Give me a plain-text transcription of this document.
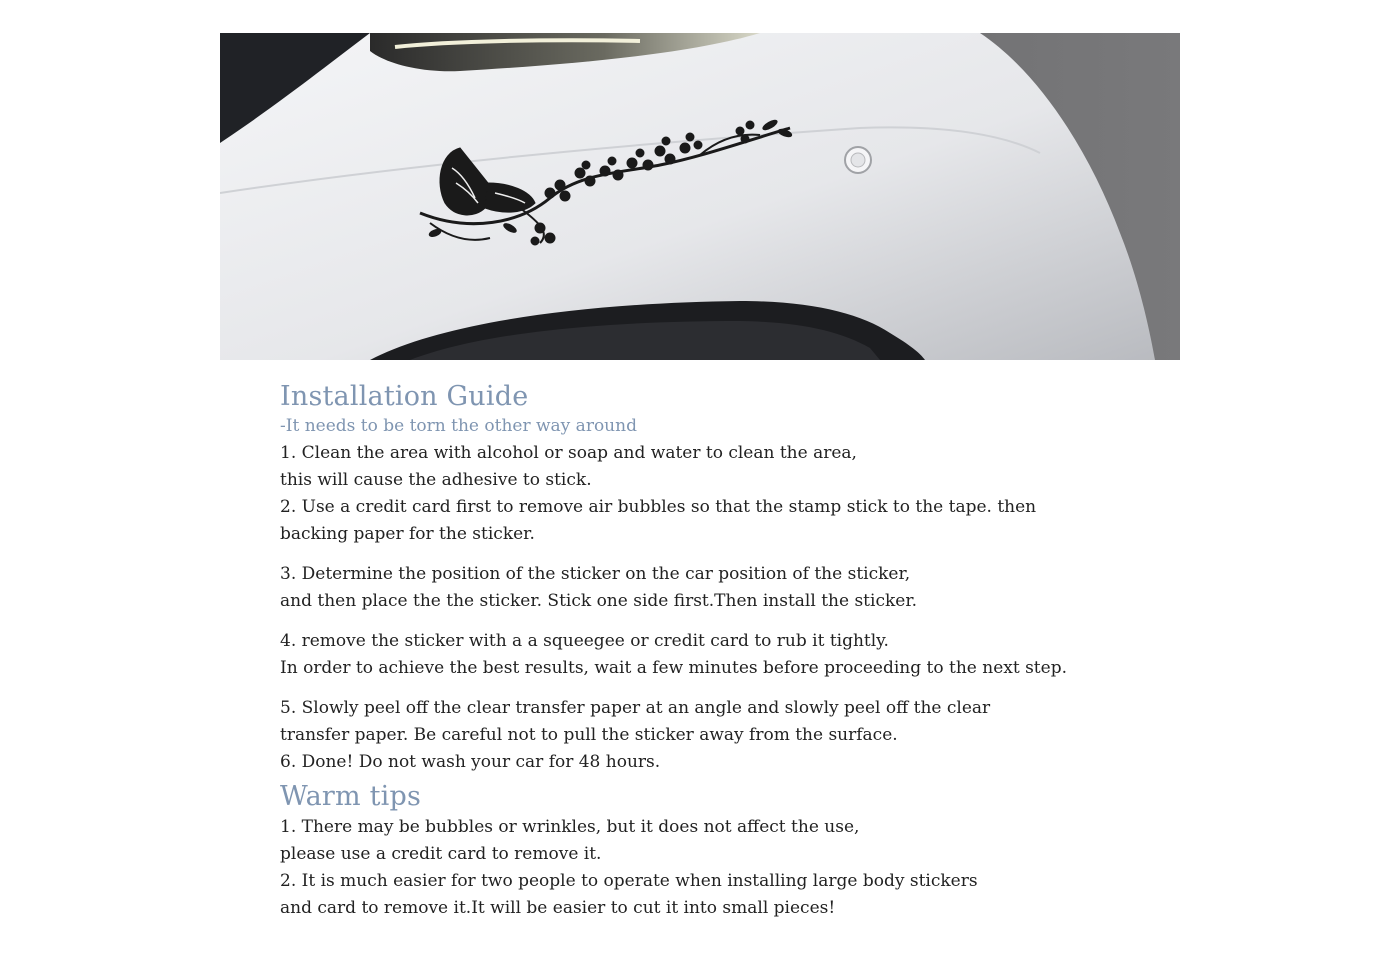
Installation Guide

-It needs to be torn the other way around

1. Clean the area with alcohol or soap and water to clean the area,

this will cause the adhesive to stick.

2. Use a credit card first to remove air bubbles so that the stamp stick to the tape. then

backing paper for the sticker.

3. Determine the position of the sticker on the car position of the sticker,

and then place the the sticker. Stick one side first.Then install the sticker.

4. remove the sticker with a a squeegee or credit card to rub it tightly.

In order to achieve the best results, wait a few minutes before proceeding to the next step.

5. Slowly peel off the clear transfer paper at an angle and slowly peel off the clear

transfer paper. Be careful not to pull the sticker away from the surface.

6. Done! Do not wash your car for 48 hours.

Warm tips

1. There may be bubbles or wrinkles, but it does not affect the use,

please use a credit card to remove it.

2. It is much easier for two people to operate when installing large body stickers

and card to remove it.It will be easier to cut it into small pieces!
